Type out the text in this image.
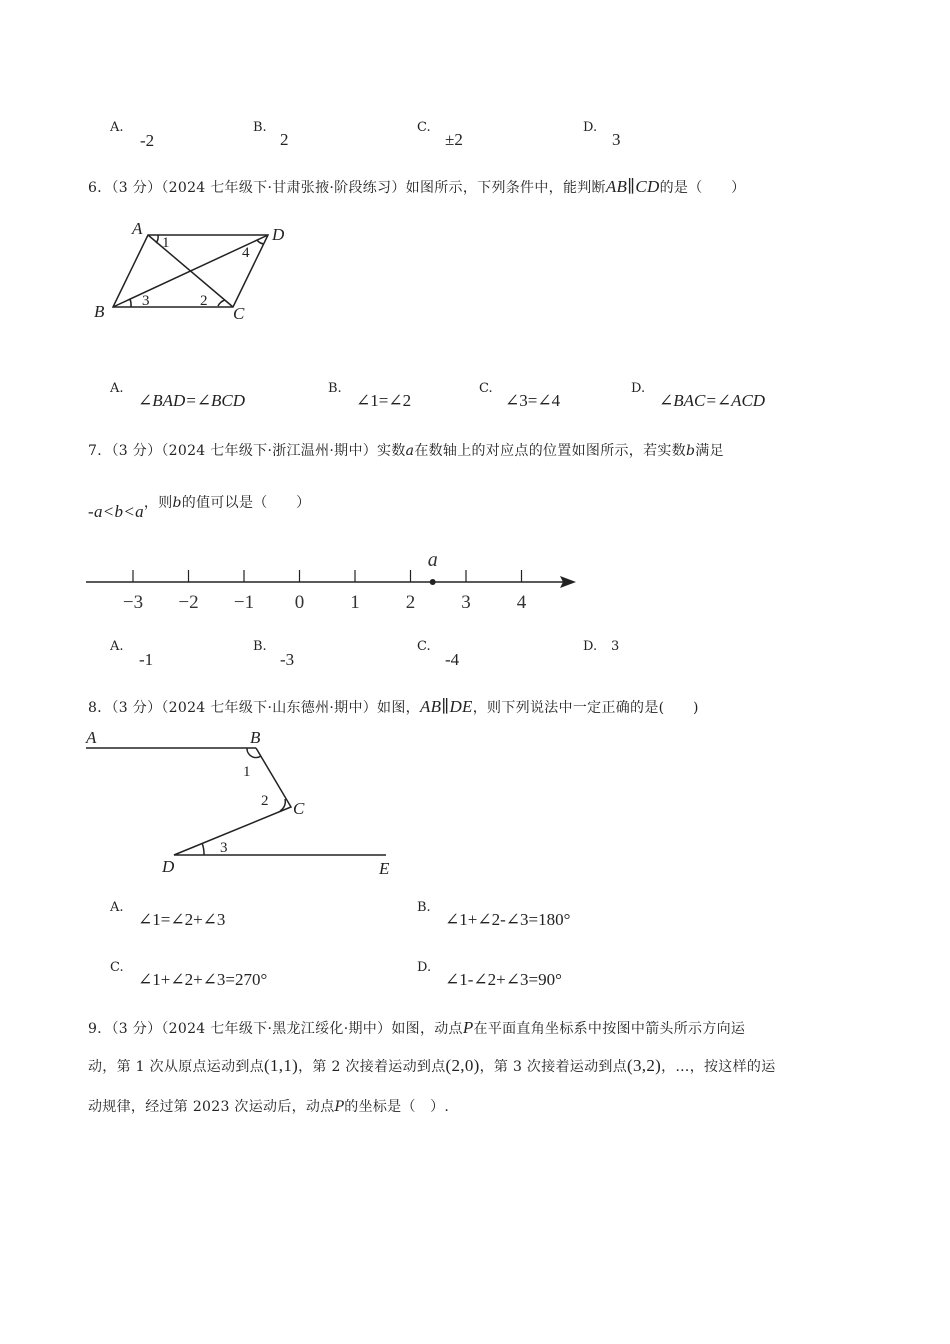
A.
-2
B.
2
C.
±2
D.
3
6．（3 分）（2024 七年级下·甘肃张掖·阶段练习）如图所示，下列条件中，能判断AB∥CD的是（　　）
A	D
B	C
1
4
3	2
A.
∠BAD=∠BCD
B.
∠1=∠2
C.
∠3=∠4
D.
∠BAC=∠ACD
7．（3 分）（2024 七年级下·浙江温州·期中）实数a在数轴上的对应点的位置如图所示，若实数b满足
-a<b<a，则b的值可以是（　　）
−3 −2 −1 0 1 2 3 4
a
A.
-1
B.
-3
C.
-4
D. 3
8．（3 分）（2024 七年级下·山东德州·期中）如图，AB∥DE，则下列说法中一定正确的是(　　)
A	B
C
D	E
1
2
3
A.
∠1=∠2+∠3
B.
∠1+∠2-∠3=180°
C.
∠1+∠2+∠3=270°
D.
∠1-∠2+∠3=90°
9．（3 分）（2024 七年级下·黑龙江绥化·期中）如图，动点P在平面直角坐标系中按图中箭头所示方向运
动，第 1 次从原点运动到点(1,1)，第 2 次接着运动到点(2,0)，第 3 次接着运动到点(3,2)，…，按这样的运
动规律，经过第 2023 次运动后，动点P的坐标是（　）.
